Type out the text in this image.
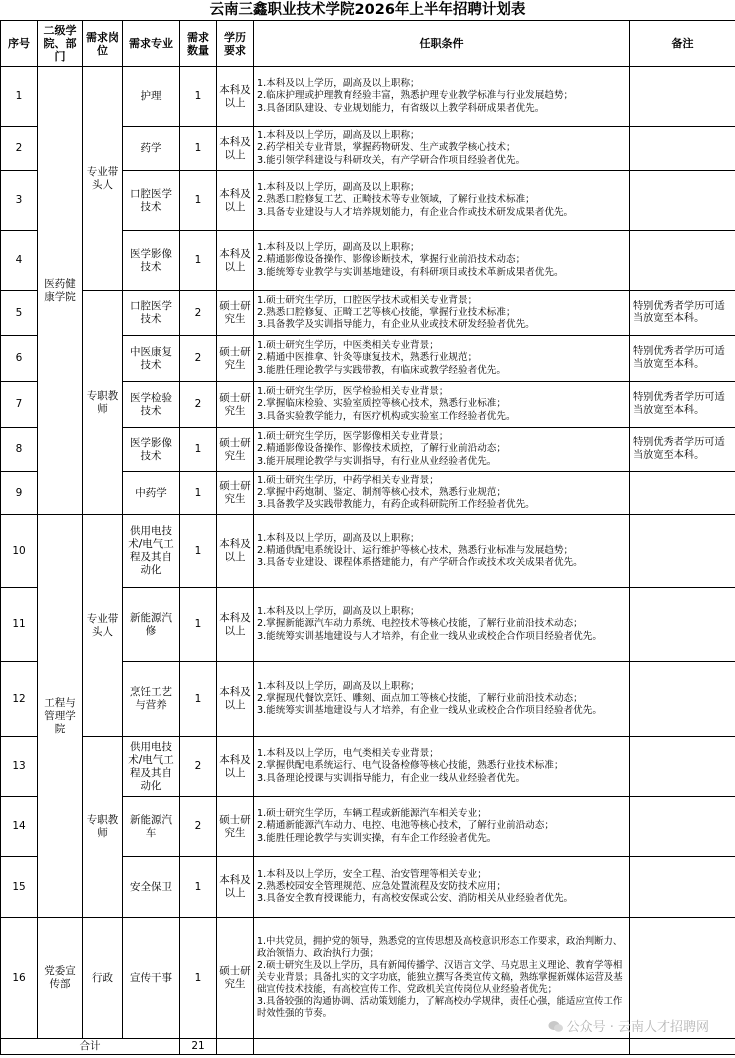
云南三鑫职业技术学院2026年上半年招聘计划表
序号	二级学院、部门	需求岗位	需求专业	需求数量	学历要求	任职条件	备注
1	医药健康学院	专业带头人	护理	1	本科及以上	1.本科及以上学历，副高及以上职称；
2.临床护理或护理教育经验丰富，熟悉护理专业教学标准与行业发展趋势；
3.具备团队建设、专业规划能力，有省级以上教学科研成果者优先。	

2			药学	1	本科及以上	1.本科及以上学历，副高及以上职称；
2.药学相关专业背景，掌握药物研发、生产或教学核心技术；
3.能引领学科建设与科研攻关，有产学研合作项目经验者优先。	

3			口腔医学技术	1	本科及以上	1.本科及以上学历，副高及以上职称；
2.熟悉口腔修复工艺、正畸技术等专业领域，了解行业技术标准；
3.具备专业建设与人才培养规划能力，有企业合作或技术研发成果者优先。	

4			医学影像技术	1	本科及以上	1.本科及以上学历，副高及以上职称；
2.精通影像设备操作、影像诊断技术，掌握行业前沿技术动态；
3.能统筹专业教学与实训基地建设，有科研项目或技术革新成果者优先。	

5		专职教师	口腔医学技术	2	硕士研究生	1.硕士研究生学历，口腔医学技术或相关专业背景；
2.熟悉口腔修复、正畸工艺等核心技能，掌握行业技术标准；
3.具备教学及实训指导能力，有企业从业或技术研发经验者优先。	特别优秀者学历可适当放宽至本科。
6			中医康复技术	2	硕士研究生	1.硕士研究生学历，中医类相关专业背景；
2.精通中医推拿、针灸等康复技术，熟悉行业规范；
3.能胜任理论教学与实践带教，有临床或教学经验者优先。	特别优秀者学历可适当放宽至本科。
7			医学检验技术	2	硕士研究生	1.硕士研究生学历，医学检验相关专业背景；
2.掌握临床检验、实验室质控等核心技术，熟悉行业标准；
3.具备实验教学能力，有医疗机构或实验室工作经验者优先。	特别优秀者学历可适当放宽至本科。
8			医学影像技术	1	硕士研究生	1.硕士研究生学历，医学影像相关专业背景；
2.精通影像设备操作、影像技术质控，了解行业前沿动态；
3.能开展理论教学与实训指导，有行业从业经验者优先。	特别优秀者学历可适当放宽至本科。
9			中药学	1	硕士研究生	1.硕士研究生学历，中药学相关专业背景；
2.掌握中药炮制、鉴定、制剂等核心技术，熟悉行业规范；
3.具备教学及实践带教能力，有药企或科研院所工作经验者优先。	

10	工程与管理学院	专业带头人	供用电技术/电气工程及其自动化	1	本科及以上	1.本科及以上学历，副高及以上职称；
2.精通供配电系统设计、运行维护等核心技术，熟悉行业标准与发展趋势；
3.具备专业建设、课程体系搭建能力，有产学研合作或技术攻关成果者优先。	

11			新能源汽修	1	本科及以上	1.本科及以上学历，副高及以上职称；
2.掌握新能源汽车动力系统、电控技术等核心技能，了解行业前沿技术动态；
3.能统筹实训基地建设与人才培养，有企业一线从业或校企合作项目经验者优先。	

12			烹饪工艺与营养	1	本科及以上	1.本科及以上学历，副高及以上职称；
2.掌握现代餐饮烹饪、雕刻、面点加工等核心技能，了解行业前沿技术动态；
3.能统筹实训基地建设与人才培养，有企业一线从业或校企合作项目经验者优先。	

13		专职教师	供用电技术/电气工程及其自动化	2	本科及以上	1.本科及以上学历，电气类相关专业背景；
2.掌握供配电系统运行、电气设备检修等核心技能，熟悉行业技术标准；
3.具备理论授课与实训指导能力，有企业一线从业经验者优先。	

14			新能源汽车	2	硕士研究生	1.硕士研究生学历，车辆工程或新能源汽车相关专业；
2.精通新能源汽车动力、电控、电池等核心技术，了解行业前沿动态；
3.能胜任理论教学与实训实操，有车企工作经验者优先。	

15			安全保卫	1	本科及以上	1.本科及以上学历，安全工程、治安管理等相关专业；
2.熟悉校园安全管理规范、应急处置流程及安防技术应用；
3.具备安全教育授课能力，有高校安保或公安、消防相关从业经验者优先。	

16	党委宣传部	行政	宣传干事	1	硕士研究生	1.中共党员，拥护党的领导，熟悉党的宣传思想及高校意识形态工作要求，政治判断力、政治领悟力、政治执行力强；
2.硕士研究生及以上学历，具有新闻传播学、汉语言文学、马克思主义理论、教育学等相关专业背景；具备扎实的文字功底，能独立撰写各类宣传文稿，熟练掌握新媒体运营及基础宣传技术技能，有高校宣传工作、党政机关宣传岗位从业经验者优先；
3.具备较强的沟通协调、活动策划能力，了解高校办学规律，责任心强，能适应宣传工作时效性强的节奏。	

合计				21			
公众号 · 云南人才招聘网
